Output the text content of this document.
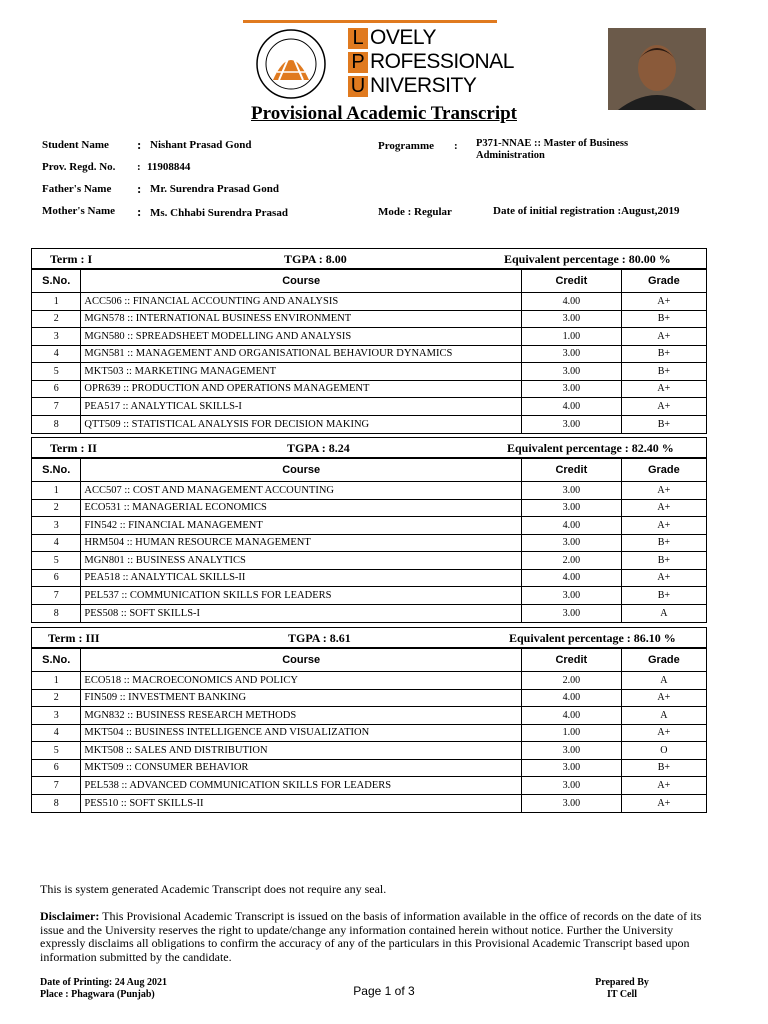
L OVELY
P ROFESSIONAL
U NIVERSITY
Provisional Academic Transcript
Student Name : Nishant Prasad Gond
Prov. Regd. No. : 11908844
Father's Name : Mr. Surendra Prasad Gond
Mother's Name : Ms. Chhabi Surendra Prasad
Programme : P371-NNAE :: Master of Business Administration
Mode : Regular	Date of initial registration :August,2019
Term : I	TGPA : 8.00	Equivalent percentage : 80.00 %
S.No.	Course	Credit	Grade
1	ACC506 :: FINANCIAL ACCOUNTING AND ANALYSIS	4.00	A+
2	MGN578 :: INTERNATIONAL BUSINESS ENVIRONMENT	3.00	B+
3	MGN580 :: SPREADSHEET MODELLING AND ANALYSIS	1.00	A+
4	MGN581 :: MANAGEMENT AND ORGANISATIONAL BEHAVIOUR DYNAMICS	3.00	B+
5	MKT503 :: MARKETING MANAGEMENT	3.00	B+
6	OPR639 :: PRODUCTION AND OPERATIONS MANAGEMENT	3.00	A+
7	PEA517 :: ANALYTICAL SKILLS-I	4.00	A+
8	QTT509 :: STATISTICAL ANALYSIS FOR DECISION MAKING	3.00	B+
Term : II	TGPA : 8.24	Equivalent percentage : 82.40 %
S.No.	Course	Credit	Grade
1	ACC507 :: COST AND MANAGEMENT ACCOUNTING	3.00	A+
2	ECO531 :: MANAGERIAL ECONOMICS	3.00	A+
3	FIN542 :: FINANCIAL MANAGEMENT	4.00	A+
4	HRM504 :: HUMAN RESOURCE MANAGEMENT	3.00	B+
5	MGN801 :: BUSINESS ANALYTICS	2.00	B+
6	PEA518 :: ANALYTICAL SKILLS-II	4.00	A+
7	PEL537 :: COMMUNICATION SKILLS FOR LEADERS	3.00	B+
8	PES508 :: SOFT SKILLS-I	3.00	A
Term : III	TGPA : 8.61	Equivalent percentage : 86.10 %
S.No.	Course	Credit	Grade
1	ECO518 :: MACROECONOMICS AND POLICY	2.00	A
2	FIN509 :: INVESTMENT BANKING	4.00	A+
3	MGN832 :: BUSINESS RESEARCH METHODS	4.00	A
4	MKT504 :: BUSINESS INTELLIGENCE AND VISUALIZATION	1.00	A+
5	MKT508 :: SALES AND DISTRIBUTION	3.00	O
6	MKT509 :: CONSUMER BEHAVIOR	3.00	B+
7	PEL538 :: ADVANCED COMMUNICATION SKILLS FOR LEADERS	3.00	A+
8	PES510 :: SOFT SKILLS-II	3.00	A+
This is system generated Academic Transcript does not require any seal.
Disclaimer: This Provisional Academic Transcript is issued on the basis of information available in the office of records on the date of its issue and the University reserves the right to update/change any information contained herein without notice. Further the University expressly disclaims all obligations to confirm the accuracy of any of the particulars in this Provisional Academic Transcript based upon information submitted by the candidate.
Date of Printing: 24 Aug 2021
Place : Phagwara (Punjab)	Page 1 of 3
Prepared By
IT Cell
